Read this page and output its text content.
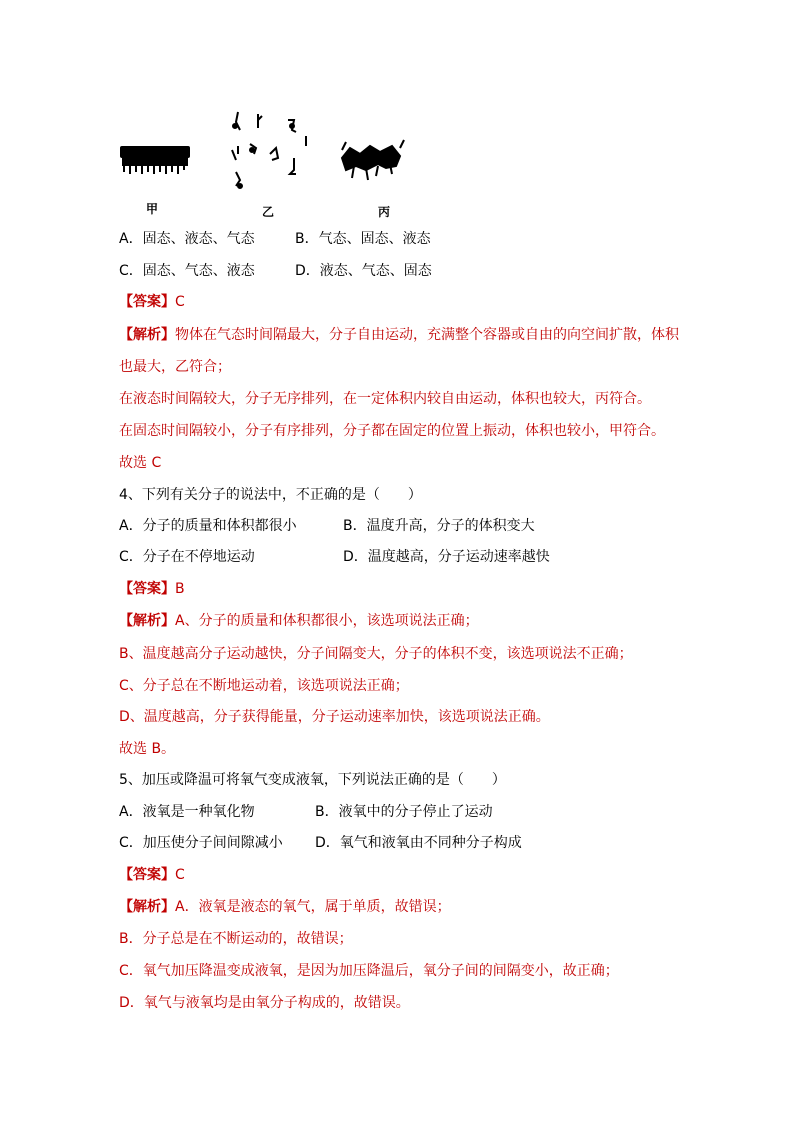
甲	乙	丙
A．固态、液态、气态	B．气态、固态、液态
C．固态、气态、液态	D．液态、气态、固态
【答案】C
【解析】物体在气态时间隔最大，分子自由运动，充满整个容器或自由的向空间扩散，体积
也最大，乙符合；
在液态时间隔较大，分子无序排列，在一定体积内较自由运动，体积也较大，丙符合。
在固态时间隔较小，分子有序排列，分子都在固定的位置上振动，体积也较小，甲符合。
故选 C
4、下列有关分子的说法中，不正确的是（　　）
A．分子的质量和体积都很小	B．温度升高，分子的体积变大
C．分子在不停地运动	D．温度越高，分子运动速率越快
【答案】B
【解析】A、分子的质量和体积都很小，该选项说法正确；
B、温度越高分子运动越快，分子间隔变大，分子的体积不变，该选项说法不正确；
C、分子总在不断地运动着，该选项说法正确；
D、温度越高，分子获得能量，分子运动速率加快，该选项说法正确。
故选 B。
5、加压或降温可将氧气变成液氧，下列说法正确的是（　　）
A．液氧是一种氧化物	B．液氧中的分子停止了运动
C．加压使分子间间隙减小 D．氧气和液氧由不同种分子构成
【答案】C
【解析】A．液氧是液态的氧气，属于单质，故错误；
B．分子总是在不断运动的，故错误；
C．氧气加压降温变成液氧，是因为加压降温后，氧分子间的间隔变小，故正确；
D．氧气与液氧均是由氧分子构成的，故错误。
